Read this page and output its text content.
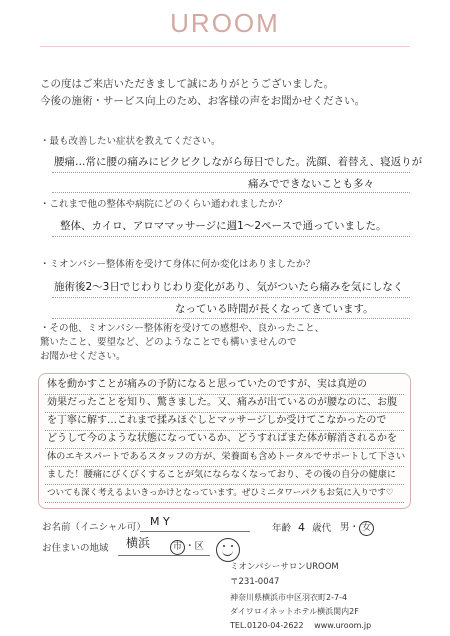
UROOM
この度はご来店いただきまして誠にありがとうございました。
今後の施術・サービス向上のため、お客様の声をお聞かせください。
・最も改善したい症状を教えてください。
腰痛…常に腰の痛みにビクビクしながら毎日でした。洗顔、着替え、寝返りが
痛みでできないことも多々
・これまで他の整体や病院にどのくらい通われましたか？
整体、カイロ、アロママッサージに週1〜2ペースで通っていました。
・ミオンパシー整体術を受けて身体に何か変化はありましたか？
施術後2〜3日でじわりじわり変化があり、気がついたら痛みを気にしなく
なっている時間が長くなってきています。
・その他、ミオンパシー整体術を受けての感想や、良かったこと、
驚いたこと、要望など、どのようなことでも構いませんので
お聞かせください。
体を動かすことが痛みの予防になると思っていたのですが、実は真逆の
効果だったことを知り、驚きました。又、痛みが出ているのが腰なのに、お腹
を丁寧に解す…これまで揉みほぐしとマッサージしか受けてこなかったので
どうして今のような状態になっているか、どうすればまた体が解消されるかを
体のエキスパートであるスタッフの方が、栄養面も含めトータルでサポートして下さい
ました！腰痛にびくびくすることが気にならなくなっており、その後の自分の健康に
ついても深く考えるよいきっかけとなっています。ぜひミニタワーパクもお気に入りです♡
お名前（イニシャル可） M Y
年齢 4 歳代 男・ 女
お住まいの地域 横浜	市 ・区
ミオンパシーサロンUROOM
〒231-0047
神奈川県横浜市中区羽衣町2-7-4
ダイワロイネットホテル横浜関内2F
TEL.0120-04-2622 www.uroom.jp
